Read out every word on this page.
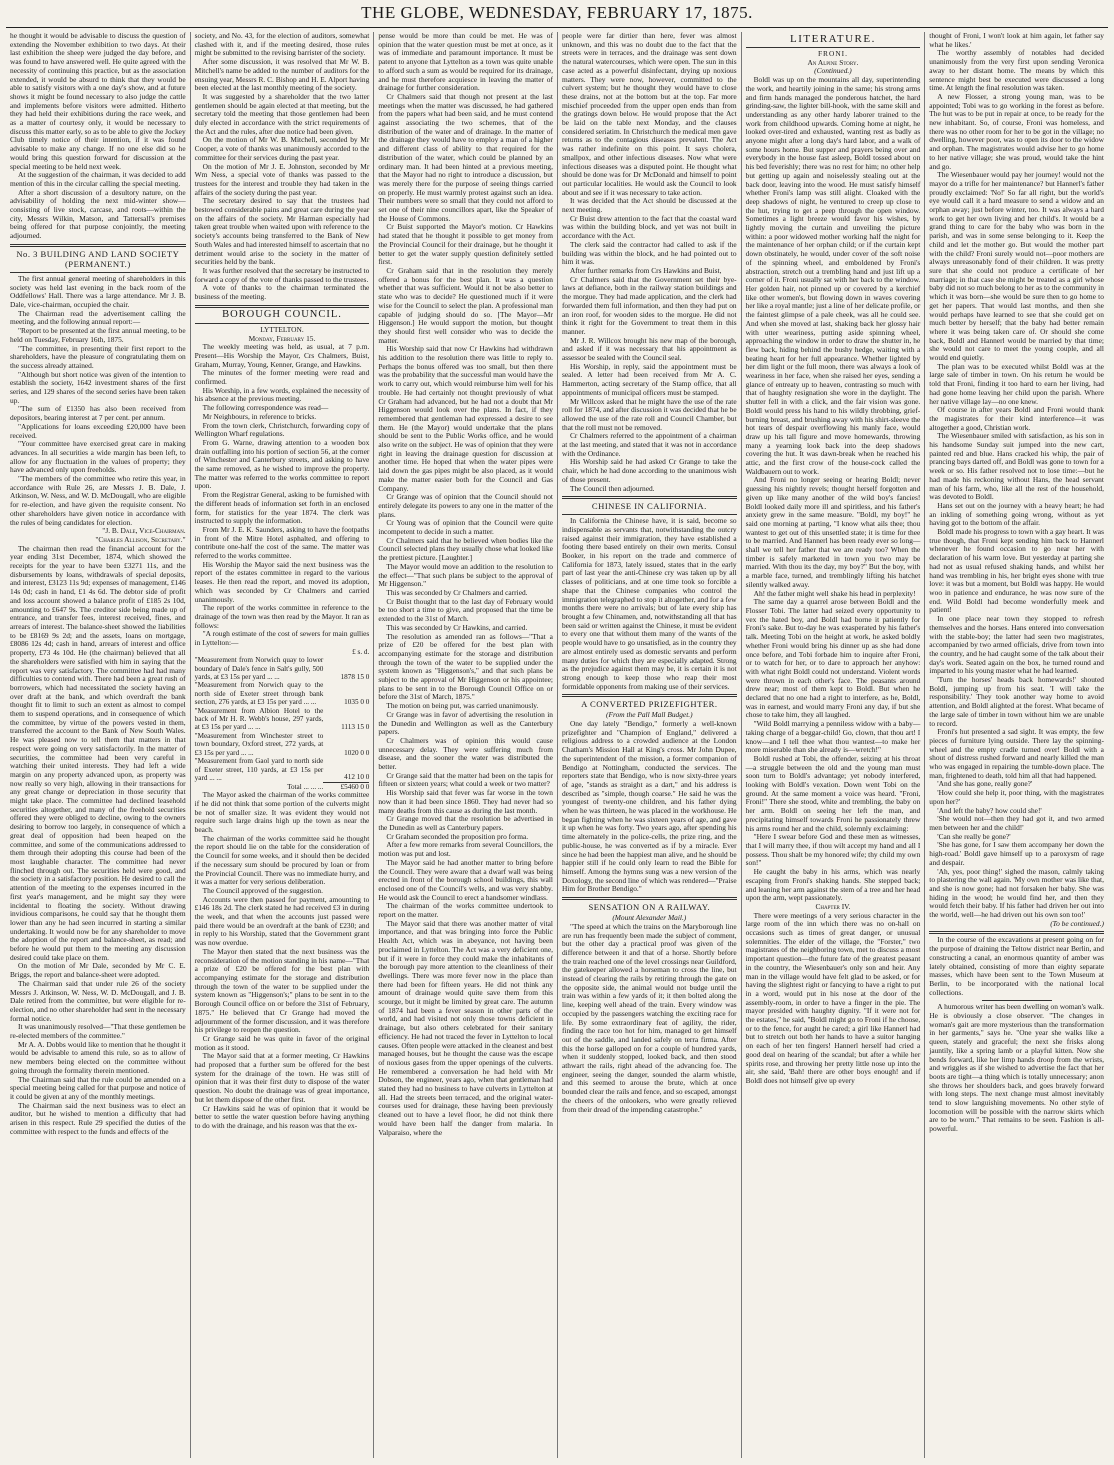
THE GLOBE, WEDNESDAY, FEBRUARY 17, 1875.

he thought it would be advisable to discuss the question of extending the November exhibition to two days. At their last exhibition the sheep were judged the day before, and was found to have answered well. He quite agreed with the necessity of continuing this practice, but as the association extended, it would be absurd to think that they would be able to satisfy visitors with a one day's show, and at future shows it might be found necessary to also judge the cattle and implements before visitors were admitted. Hitherto they had held their exhibitions during the race week, and as a matter of courtesy only, it would be necessary to discuss this matter early, so as to be able to give the Jockey Club timely notice of their intention, if it was found advisable to make any change. If no one else did so he would bring this question forward for discussion at the special meeting to be held next week.

At the suggestion of the chairman, it was decided to add mention of this in the circular calling the special meeting.

After a short discussion of a desultory nature, on the advisability of holding the next mid-winter show—consisting of live stock, carcase, and roots—within the city, Messrs Wilkin, Matson, and Tattersall's premises being offered for that purpose conjointly, the meeting adjourned.

No. 3 BUILDING AND LAND SOCIETY (PERMANENT.)

The first annual general meeting of shareholders in this society was held last evening in the back room of the Oddfellows' Hall. There was a large attendance. Mr J. B. Dale, vice-chairman, occupied the chair.

The Chairman read the advertisement calling the meeting, and the following annual report:—

"Report to be presented at the first annual meeting, to be held on Tuesday, February 16th, 1875.

"The committee, in presenting their first report to the shareholders, have the pleasure of congratulating them on the success already attained.

"Although but short notice was given of the intention to establish the society, 1642 investment shares of the first series, and 129 shares of the second series have been taken up.

"The sum of £1350 has also been received from depositors, bearing interest at 7 per cent. per annum.

"Applications for loans exceeding £20,000 have been received.

"Your committee have exercised great care in making advances. In all securities a wide margin has been left, to allow for any fluctuation in the values of property; they have advanced only upon freeholds.

"The members of the committee who retire this year, in accordance with Rule 26, are Messrs J. B. Dale, J. Atkinson, W. Ness, and W. D. McDougall, who are eligible for re-election, and have given the requisite consent. No other shareholders have given notice in accordance with the rules of being candidates for election.

"J. B. Dale, Vice-Chairman.
"Charles Allison, Secretary."

The chairman then read the financial account for the year ending 31st December, 1874, which showed the receipts for the year to have been £3271 11s, and the disbursements by loans, withdrawals of special deposits, and interest, £3123 11s 9d; expenses of management, £146 14s 0d; cash in hand, £1 4s 6d. The debtor side of profit and loss account showed a balance profit of £185 2s 10d, amounting to £647 9s. The creditor side being made up of entrance, and transfer fees, interest received, fines, and arrears of interest. The balance-sheet showed the liabilities to be £8169 9s 2d; and the assets, loans on mortgage, £8086 12s 4d; cash in hand, arrears of interest and office property, £73 4s 10d. He (the chairman) believed that all the shareholders were satisfied with him in saying that the report was very satisfactory. The committee had had many difficulties to contend with. There had been a great rush of borrowers, which had necessitated the society having an over draft at the bank, and which overdraft the bank thought fit to limit to such an extent as almost to compel them to suspend operations, and in consequence of which the committee, by virtue of the powers vested in them, transferred the account to the Bank of New South Wales. He was pleased now to tell them that matters in that respect were going on very satisfactorily. In the matter of securities, the committee had been very careful in watching their united interests. They had left a wide margin on any property advanced upon, as property was now really so very high, allowing in their transactions for any great change or depreciation in those security that might take place. The committee had declined leasehold securities altogether, and many of the freehold securities offered they were obliged to decline, owing to the owners desiring to borrow too largely, in consequence of which a great deal of opposition had been heaped on the committee, and some of the communications addressed to them through their adopting this course had been of the most laughable character. The committee had never flinched through out. The securities held were good, and the society in a satisfactory position. He desired to call the attention of the meeting to the expenses incurred in the first year's management, and he might say they were incidental to floating the society. Without drawing invidious comparisons, he could say that he thought them lower than any he had seen incurred in starting a similar undertaking. It would now be for any shareholder to move the adoption of the report and balance-sheet, as read; and before he would put them to the meeting any discussion desired could take place on them.

On the motion of Mr Dale, seconded by Mr C. E. Briggs, the report and balance-sheet were adopted.

The Chairman said that under rule 26 of the society Messrs J. Atkinson, W. Ness, W. D. McDougall, and J. B. Dale retired from the committee, but were eligible for re-election, and no other shareholder had sent in the necessary formal notice.

It was unanimously resolved—"That these gentlemen be re-elected members of the committee."

Mr A. A. Dobbs would like to mention that he thought it would be advisable to amend this rule, so as to allow of new members being elected on the committee without going through the formality therein mentioned.

The Chairman said that the rule could be amended on a special meeting being called for that purpose and notice of it could be given at any of the monthly meetings.

The Chairman said the next business was to elect an auditor, but he wished to mention a difficulty that had arisen in this respect. Rule 29 specified the duties of the committee with respect to the funds and effects of the

society, and No. 43, for the election of auditors, somewhat clashed with it, and if the meeting desired, those rules might be submitted to the revising barrister of the society.

After some discussion, it was resolved that Mr W. B. Mitchell's name be added to the number of auditors for the ensuing year, Messrs R. C. Bishop and H. E. Alport having been elected at the last monthly meeting of the society.

It was suggested by a shareholder that the two latter gentlemen should be again elected at that meeting, but the secretary told the meeting that those gentlemen had been duly elected in accordance with the strict requirements of the Act and the rules, after due notice had been given.

On the motion of Mr W. B. Mitchell, seconded by Mr Cooper, a vote of thanks was unanimously accorded to the committee for their services during the past year.

On the motion of Mr J. E. Johnston, seconded by Mr Wm Ness, a special vote of thanks was passed to the trustees for the interest and trouble they had taken in the affairs of the society during the past year.

The secretary desired to say that the trustees had bestowed considerable pains and great care during the year on the affairs of the society. Mr Harman especially had taken great trouble when waited upon with reference to the society's accounts being transferred to the Bank of New South Wales and had interested himself to ascertain that no detriment would arise to the society in the matter of securities held by the bank.

It was further resolved that the secretary be instructed to forward a copy of the vote of thanks passed to the trustees.

A vote of thanks to the chairman terminated the business of the meeting.

BOROUGH COUNCIL.
LYTTELTON.
Monday, February 15.

The weekly meeting was held, as usual, at 7 p.m. Present—His Worship the Mayor, Crs Chalmers, Buist, Graham, Murray, Young, Kenner, Grange, and Hawkins.

The minutes of the former meeting were read and confirmed.

His Worship, in a few words, explained the necessity of his absence at the previous meeting.

The following correspondence was read—

Mr Neighbours, in reference to bricks.

From the town clerk, Christchurch, forwarding copy of Wellington Wharf regulations.

From G. Warne, drawing attention to a wooden box drain outfalling into his portion of section 56, at the corner of Winchester and Canterbury streets, and asking to have the same removed, as he wished to improve the property. The matter was referred to the works committee to report upon.

From the Registrar General, asking to be furnished with the different heads of information set forth in an enclosed form, for statistics for the year 1874. The clerk was instructed to supply the information.

From Mr J. E. K. Saunders, asking to have the footpaths in front of the Mitre Hotel asphalted, and offering to contribute one-half the cost of the same. The matter was referred to the works committee.

His Worship the Mayor said the next business was the report of the estates committee in regard to the various leases. He then read the report, and moved its adoption, which was seconded by Cr Chalmers and carried unanimously.

The report of the works committee in reference to the drainage of the town was then read by the Mayor. It ran as follows:

"A rough estimate of the cost of sewers for main gullies in Lyttelton:—

	£ s. d.
"Measurement from Norwich quay to lower boundary of Dale's fence in Salt's gully, 500 yards, at £3 15s per yard ... ...	1878 15 0
"Measurement from Norwich quay to the north side of Exeter street through bank section, 276 yards, at £3 15s per yard ... ...	1035 0 0
"Measurement from Albion Hotel to the back of Mr H. R. Webb's house, 297 yards, at £3 15s per yard ... ...	1113 15 0
"Measurement from Winchester street to town boundary, Oxford street, 272 yards, at £3 15s per yard ... ...	1020 0 0
"Measurement from Gaol yard to north side of Exeter street, 110 yards, at £3 15s per yard ... ...	412 10 0
Total ... ... ...	£5460 0 0

The Mayor asked the chairman of the works committee if he did not think that some portion of the culverts might be not of smaller size. It was evident they would not require such large drains high up the town as near the beach.

The chairman of the works committee said he thought the report should lie on the table for the consideration of the Council for some weeks, and it should then be decided if the necessary sum should be procured by loan or from the Provincial Council. There was no immediate hurry, and it was a matter for very serious deliberation.

The Council approved of the suggestion.

Accounts were then passed for payment, amounting to £146 18s 2d. The clerk stated he had received £3 in during the week, and that when the accounts just passed were paid there would be an overdraft at the bank of £230; and in reply to his Worship, stated that the Government grant was now overdue.

The Mayor then stated that the next business was the reconsideration of the motion standing in his name—"That a prize of £20 be offered for the best plan with accompanying estimate for the storage and distribution through the town of the water to be supplied under the system known as "Higgenson's;" plans to be sent in to the Borough Council office on or before the 31st of February, 1875." He believed that Cr Grange had moved the adjournment of the former discussion, and it was therefore his privilege to reopen the question.

Cr Grange said he was quite in favor of the original motion as it stood.

The Mayor said that at a former meeting, Cr Hawkins had proposed that a further sum be offered for the best system for the drainage of the town. He was still of opinion that it was their first duty to dispose of the water question. No doubt the drainage was of great importance, but let them dispose of the other first.

Cr Hawkins said he was of opinion that it would be better to settle the water question before having anything to do with the drainage, and his reason was that the ex-

pense would be more than could be met. He was of opinion that the water question must be met at once, as it was of immediate and paramount importance. It must be patent to anyone that Lyttelton as a town was quite unable to afford such a sum as would be required for its drainage, and he must therefore acquiesce in leaving the matter of drainage for further consideration.

Cr Chalmers said that though not present at the last meetings when the matter was discussed, he had gathered from the papers what had been said, and he must contend against associating the two schemes, that of the distribution of the water and of drainage. In the matter of the drainage they would have to employ a man of a higher and different class of ability to that required for the distribution of the water, which could be planned by an ordinary man. It had been hinted at a previous meeting, that the Mayor had no right to introduce a discussion, but was merely there for the purpose of seeing things carried on properly. He must warmly protest against such an idea. Their numbers were so small that they could not afford to set one of their nine councillors apart, like the Speaker of the House of Commons.

Cr Buist supported the Mayor's motion. Cr Hawkins had stated that he thought it possible to get money from the Provincial Council for their drainage, but he thought it better to get the water supply question definitely settled first.

Cr Graham said that in the resolution they merely offered a bonus for the best plan. It was a question whether that was sufficient. Would it not be also better to state who was to decide? He questioned much if it were wise for the Council to select the plan. A professional man capable of judging should do so. [The Mayor—Mr Higgenson.] He would support the motion, but thought they should first well consider who was to decide the matter.

His Worship said that now Cr Hawkins had withdrawn his addition to the resolution there was little to reply to. Perhaps the bonus offered was too small, but then there was the probability that the successful man would have the work to carry out, which would reimburse him well for his trouble. He had certainly not thought previously of what Cr Graham had advanced, but he had not a doubt that Mr Higgenson would look over the plans. In fact, if they remembered that gentleman had expressed a desire to see them. He (the Mayor) would undertake that the plans should be sent to the Public Works office, and he would also write on the subject. He was of opinion that they were right in leaving the drainage question for discussion at another time. He hoped that when the water pipes were laid down the gas pipes might be also placed, as it would make the matter easier both for the Council and Gas Company.

Cr Grange was of opinion that the Council should not entirely delegate its powers to any one in the matter of the plans.

Cr Young was of opinion that the Council were quite incompetent to decide in such a matter.

Cr Chalmers said that he believed when bodies like the Council selected plans they usually chose what looked like the prettiest picture. [Laughter.]

The Mayor would move an addition to the resolution to the effect—"That such plans be subject to the approval of Mr Higgenson."

This was seconded by Cr Chalmers and carried.

Cr Buist thought that to the last day of February would be too short a time to give, and proposed that the time be extended to the 31st of March.

This was seconded by Cr Hawkins, and carried.

The resolution as amended ran as follows—"That a prize of £20 be offered for the best plan with accompanying estimate for the storage and distribution through the town of the water to be supplied under the system known as "Higgenson's," and that such plans be subject to the approval of Mr Higgenson or his appointee; plans to be sent in to the Borough Council Office on or before the 31st of March, 1875."

The motion on being put, was carried unanimously.

Cr Grange was in favor of advertising the resolution in the Dunedin and Wellington as well as the Canterbury papers.

Cr Chalmers was of opinion this would cause unnecessary delay. They were suffering much from disease, and the sooner the water was distributed the better.

Cr Grange said that the matter had been on the tapis for fifteen or sixteen years; what could a week or two matter?

His Worship said that fever was far worse in the town now than it had been since 1860. They had never had so many deaths from this cause as during the last month.

Cr Grange moved that the resolution be advertised in the Dunedin as well as Canterbury papers.

Cr Graham seconded the proposition pro forma.

After a few more remarks from several Councillors, the motion was put and lost.

The Mayor said he had another matter to bring before the Council. They were aware that a dwarf wall was being erected in front of the borough school buildings, this wall enclosed one of the Council's wells, and was very shabby. He would ask the Council to erect a handsomer windlass.

The chairman of the works committee undertook to report on the matter.

The Mayor said that there was another matter of vital importance, and that was bringing into force the Public Health Act, which was in abeyance, not having been proclaimed in Lyttelton. The Act was a very deficient one, but if it were in force they could make the inhabitants of the borough pay more attention to the cleanliness of their dwellings. There was more fever now in the place than there had been for fifteen years. He did not think any amount of drainage would quite save them from this scourge, but it might be limited by great care. The autumn of 1874 had been a fever season in other parts of the world, and had visited not only those towns deficient in drainage, but also others celebrated for their sanitary efficiency. He had not traced the fever in Lyttelton to local causes. Often people were attacked in the cleanest and best managed houses, but he thought the cause was the escape of noxious gases from the upper openings of the culverts. He remembered a conversation he had held with Mr Dobson, the engineer, years ago, when that gentleman had stated they had no business to have culverts in Lyttelton at all. Had the streets been terraced, and the original water-courses used for drainage, these having been previously cleaned out to have a level floor, he did not think there would have been half the danger from malaria. In Valparaiso, where the

people were far dirtier than here, fever was almost unknown, and this was no doubt due to the fact that the streets were in terraces, and the drainage was sent down the natural watercourses, which were open. The sun in this case acted as a powerful disinfectant, drying up noxious matters. They were now, however, committed to the culvert system; but he thought they would have to close these drains, not at the bottom but at the top. Far more mischief proceeded from the upper open ends than from the gratings down below. He would propose that the Act be laid on the table next Monday, and the clauses considered seriatim. In Christchurch the medical men gave returns as to the contagious diseases prevalent. The Act was rather indefinite on this point. It says cholera, smallpox, and other infectious diseases. Now what were infectious diseases was a disputed point. He thought what should be done was for Dr McDonald and himself to point out particular localities. He would ask the Council to look about and see if it was necessary to take action.

It was decided that the Act should be discussed at the next meeting.

Cr Buist drew attention to the fact that the coastal ward was within the building block, and yet was not built in accordance with the Act.

The clerk said the contractor had called to ask if the building was within the block, and he had pointed out to him it was.

After further remarks from Crs Hawkins and Buist,

Cr Chalmers said that the Government set their bye-laws at defiance, both in the railway station buildings and the morgue. They had made application, and the clerk had forwarded them full information, and then they had put on an iron roof, for wooden sides to the morgue. He did not think it right for the Government to treat them in this manner.

Mr J. R. Willcox brought his new map of the borough, and asked if it was necessary that his appointment as assessor be sealed with the Council seal.

His Worship, in reply, said the appointment must be sealed. A letter had been received from Mr A. C. Hammerton, acting secretary of the Stamp office, that all appointments of municipal officers must be stamped.

Mr Willcox asked that he might have the use of the rate roll for 1874, and after discussion it was decided that he be allowed the use of the rate roll and Council Chamber, but that the roll must not be removed.

Cr Chalmers referred to the appointment of a chairman at the last meeting, and stated that it was not in accordance with the Ordinance.

His Worship said he had asked Cr Grange to take the chair, which he had done according to the unanimous wish of those present.

The Council then adjourned.

CHINESE IN CALIFORNIA.

In California the Chinese have, it is said, become so indispensable as servants that, notwithstanding the outcry raised against their immigration, they have established a footing there based entirely on their own merits. Consul Booker, in his report on the trade and commerce of California for 1873, lately issued, states that in the early part of last year the anti-Chinese cry was taken up by all classes of politicians, and at one time took so forcible a shape that the Chinese companies who control the immigration telegraphed to stop it altogether, and for a few months there were no arrivals; but of late every ship has brought a few Chinamen, and, notwithstanding all that has been said or written against the Chinese, it must be evident to every one that without them many of the wants of the people would have to go unsatisfied, as in the country they are almost entirely used as domestic servants and perform many duties for which they are especially adapted. Strong as the prejudice against them may be, it is certain it is not strong enough to keep those who reap their most formidable opponents from making use of their services.

A CONVERTED PRIZEFIGHTER.
(From the Pall Mall Budget.)

One day lately "Bendigo," formerly a well-known prizefighter and "Champion of England," delivered a religious address to a crowded audience at the London Chatham's Mission Hall at King's cross. Mr John Dupee, the superintendent of the mission, a former companion of Bendigo at Nottingham, conducted the services. The reporters state that Bendigo, who is now sixty-three years of age, "stands as straight as a dart," and his address is described as "simple, though coarse." He said he was the youngest of twenty-one children, and his father dying when he was thirteen, he was placed in the workhouse. He began fighting when he was sixteen years of age, and gave it up when he was forty. Two years ago, after spending his time alternately in the police-cells, the prize ring, and the public-house, he was converted as if by a miracle. Ever since he had been the happiest man alive, and he should be happier still if he could only learn to read the Bible for himself. Among the hymns sung was a new version of the Doxology, the second line of which was rendered—"Praise Him for Brother Bendigo."

SENSATION ON A RAILWAY.
(Mount Alexander Mail.)

"The speed at which the trains on the Maryborough line are run has frequently been made the subject of comment, but the other day a practical proof was given of the difference between it and that of a horse. Shortly before the train reached one of the level crossings near Guildford, the gatekeeper allowed a horseman to cross the line, but instead of clearing the rails by retiring through the gate on the opposite side, the animal would not budge until the train was within a few yards of it; it then bolted along the line, keeping well ahead of the train. Every window was occupied by the passengers watching the exciting race for life. By some extraordinary feat of agility, the rider, finding the race too hot for him, managed to get himself out of the saddle, and landed safely on terra firma. After this the horse galloped on for a couple of hundred yards, when it suddenly stopped, looked back, and then stood athwart the rails, right ahead of the advancing foe. The engineer, seeing the danger, sounded the alarm whistle, and this seemed to arouse the brute, which at once bounded clear the rails and fence, and so escaped, amongst the cheers of the onlookers, who were greatly relieved from their dread of the impending catastrophe."

LITERATURE.
FRONI.
An Alpine Story.
(Continued.)

Boldl was up on the mountains all day, superintending the work, and heartily joining in the same; his strong arms and firm hands managed the ponderous hatchet, the hard grinding-saw, the lighter bill-hook, with the same skill and understanding as any other hardy laborer trained to the work from childhood upwards. Coming home at night, he looked over-tired and exhausted, wanting rest as badly as anyone might after a long day's hard labor, and a walk of some hours home. But supper and prayers being over and everybody in the house fast asleep, Boldl tossed about on his bed feverishly; there was no rest for him; no other help but getting up again and noiselessly stealing out at the back door, leaving into the wood. He must satisfy himself whether Froni's lamp was still alight. Cloaked with the deep shadows of night, he ventured to creep up close to the hut, trying to get a peep through the open window. Sometimes a light breeze would favor his wishes, by lightly moving the curtain and unveiling the picture within: a poor widowed mother working half the night for the maintenance of her orphan child; or if the curtain kept down obstinately, he would, under cover of the soft noise of the spinning wheel, and emboldened by Froni's abstraction, stretch out a trembling hand and just lift up a corner of it. Froni usually sat with her back to the window. Her golden hair, not pinned up or covered by a kerchief like other women's, but flowing down in waves covering her like a royal mantle; just a line of her delicate profile, or the faintest glimpse of a pale cheek, was all he could see. And when she moved at last, shaking back her glossy hair with utter weariness, putting aside spinning wheel, approaching the window in order to draw the shutter in, he flew back, hiding behind the bushy hedge, waiting with a beating heart for her full appearance. Whether lighted by her dim light or the full moon, there was always a look of weariness in her face, when she raised her eyes, sending a glance of entreaty up to heaven, contrasting so much with that of haughty resignation she wore in the daylight. The shutter fell in with a click, and the fair vision was gone. Boldl would press his hand to his wildly throbbing, grief-burning breast, and brushing away with his shirt-sleeve the hot tears of despair overflowing his manly face, would draw up his tall figure and move homewards, throwing many a yearning look back into the deep shadows covering the hut. It was dawn-break when he reached his attic, and the first crow of the house-cock called the Waldbauern out to work.

And Froni no longer seeing or hearing Boldl; never guessing his nightly revels; thought herself forgotten and given up like many another of the wild boy's fancies! Boldl looked daily more ill and spiritless, and his father's anxiety grew in the same measure. "Boldl, my boy!" he said one morning at parting, "I know what ails thee; thou wantest to get out of this unsettled state; it is time for thee to be married. And Hannerl has been ready ever so long—shall we tell her father that we are ready too? When the timber is safely marketed in town you two may be married. With thou its the day, my boy?" But the boy, with a marble face, turned, and tremblingly lifting his hatchet silently walked away.

Ah! the father might well shake his head in perplexity!

The same day a quarrel arose between Boldl and the Flosser Tobi. The latter had seized every opportunity to vex the hated boy, and Boldl had borne it patiently for Froni's sake. But to-day he was exasperated by his father's talk. Meeting Tobi on the height at work, he asked boldly whether Froni would bring his dinner up as she had done once before, and Tobi forbade him to inquire after Froni, or to watch for her, or to dare to approach her anyhow: with what right Boldl could not understand. Violent words were thrown in each other's face. The peasants around drew near; most of them kept to Boldl. But when he declared that no one had a right to interfere, as he, Boldl, was in earnest, and would marry Froni any day, if but she chose to take him, they all laughed.

"Wild Boldl marrying a penniless widow with a baby—taking charge of a beggar-child! Go, clown, that thou art! I know—and I tell thee what thou wantest—to make her more miserable than she already is—wretch!"

Boldl rushed at Tobi, the offender, seizing at his throat—a struggle between the old and the young man must soon turn to Boldl's advantage; yet nobody interfered, looking with Boldl's vexation. Down went Tobi on the ground. At the same moment a voice was heard. "Froni, Froni!" There she stood, white and trembling, the baby on her arm. Boldl on seeing her left the man, and precipitating himself towards Froni he passionately threw his arms round her and the child, solemnly exclaiming:

"Here I swear before God and these men as witnesses, that I will marry thee, if thou wilt accept my hand and all I possess. Thou shalt be my honored wife; thy child my own son!"

He caught the baby in his arms, which was nearly escaping from Froni's shaking hands. She stepped back; and leaning her arm against the stem of a tree and her head upon the arm, wept passionately.

Chapter IV.

There were meetings of a very serious character in the large room of the inn which there was no on-hall on occasions such as times of great danger, or unusual solemnities. The elder of the village, the "Forster," two magistrates of the neighboring town, met to discuss a most important question—the future fate of the greatest peasant in the country, the Wiesenbauer's only son and heir. Any man in the village would have felt glad to be asked, or for having the slightest right or fancying to have a right to put in a word, would put in his nose at the door of the assembly-room, in order to have a finger in the pie. The mayor presided with haughty dignity. "If it were not for the estates," he said, "Boldl might go to Froni if he choose, or to the fence, for aught he cared; a girl like Hannerl had but to stretch out both her hands to have a suitor hanging on each of her ten fingers! Hannerl herself had cried a good deal on hearing of the scandal; but after a while her spirits rose, and throwing her pretty little nose up into the air, she said, 'Bah! there are other boys enough! and if Boldl does not himself give up every

thought of Froni, I won't look at him again, let father say what he likes.'

The worthy assembly of notables had decided unanimously from the very first upon sending Veronica away to her distant home. The means by which this sentence might best be executed were discussed a long time. At length the final resolution was taken.

A new Flosser, a strong young man, was to be appointed; Tobi was to go working in the forest as before. The hut was to be put in repair at once, to be ready for the new inhabitant. So, of course, Froni was homeless, and there was no other room for her to be got in the village; no dwelling, however poor, was to open its door to the widow and orphan. The magistrates would advise her to go home to her native village; she was proud, would take the hint and go.

The Wiesenbauer would pay her journey! would not the mayor do a trifle for her maintenance? but Hannerl's father proudly exclaimed: 'No!' So far all right, but the world's eye would call it a hard measure to send a widow and an orphan away; just before winter, too. It was always a hard work to get her own living and her child's. It would be a grand thing to care for the baby who was born in the parish, and was in some sense belonging to it. Keep the child and let the mother go. But would the mother part with the child? Froni surely would not—poor mothers are always unreasonably fond of their children. It was pretty sure that she could not produce a certificate of her marriage; in that case she might be treated as a girl whose baby did not so much belong to her as to the community in which it was born—she would be sure then to go home to get her papers. That would last months, and then she would perhaps have learned to see that she could get on much better by herself; that the baby had better remain where it was being taken care of. Or should she come back, Boldl and Hannerl would be married by that time; she would not care to meet the young couple, and all would end quietly.

The plan was to be executed whilst Boldl was at the large sale of timber in town. On his return he would be told that Froni, finding it too hard to earn her living, had had gone home leaving her child upon the parish. Where her native village lay—no one knew.

Of course in after years Boldl and Froni would thank the magistrates for their kind interference—it was altogether a good, Christian work.

The Wiesenbauer smiled with satisfaction, as his son in his handsome Sunday suit jumped into the new cart, painted red and blue. Hans cracked his whip, the pair of prancing bays darted off, and Boldl was gone to town for a week or so. His father resolved not to lose time:—but he had made his reckoning without Hans, the head servant man of his farm, who, like all the rest of the household, was devoted to Boldl.

Hans set out on the journey with a heavy heart; he had an inkling of something going wrong, without as yet having got to the bottom of the affair.

Boldl made his progress to town with a gay heart. It was true though, that Froni kept sending him back to Hannerl whenever he found occasion to go near her with declaration of his warm love. But yesterday at parting she had not as usual refused shaking hands, and whilst her hand was trembling in his, her bright eyes shone with true love: it was but a moment, but Boldl was happy. He would woo in patience and endurance, he was now sure of the end. Wild Boldl had become wonderfully meek and patient!

In one place near town they stopped to refresh themselves and the horses. Hans entered into conversation with the stable-boy; the latter had seen two magistrates, accompanied by two armed officials, drive from town into the country, and he had caught some of the talk about their day's work. Seated again on the box, he turned round and imparted to his young master what he had learned.

'Turn the horses' heads back homewards!' shouted Boldl, jumping up from his seat. 'I will take the responsibility.' They took another way home to avoid attention, and Boldl alighted at the forest. What became of the large sale of timber in town without him we are unable to record.

Froni's hut presented a sad sight. It was empty, the few pieces of furniture lying outside. There lay the spinning-wheel and the empty cradle turned over! Boldl with a shout of distress rushed forward and nearly killed the man who was engaged in repairing the tumble-down place. The man, frightened to death, told him all that had happened.

'And she has gone, really gone?'

'How could she help it, poor thing, with the magistrates upon her?'

'And left the baby? how could she!'

'She would not—then they had got it, and two armed men between her and the child!'

'Can she really be gone?'

'She has gone, for I saw them accompany her down the high-road.' Boldl gave himself up to a paroxysm of rage and despair.

'Ah, yes, poor thing!' sighed the mason, calmly taking to plastering the wall again. 'My own mother was like that, and she is now gone; had not forsaken her baby. She was hiding in the wood; he would find her, and then they would fetch their baby. If his father had driven her out into the world, well—he had driven out his own son too!'

(To be continued.)

In the course of the excavations at present going on for the purpose of draining the Teltow district near Berlin, and constructing a canal, an enormous quantity of amber was lately obtained, consisting of more than eighty separate masses, which have been sent to the Town Museum at Berlin, to be incorporated with the national local collections.

A humorous writer has been dwelling on woman's walk. He is obviously a close observer. "The changes in woman's gait are more mysterious than the transformation in her garments," says he. "One year she walks like a queen, stately and graceful; the next she frisks along jauntily, like a spring lamb or a playful kitten. Now she bends forward, like her limp hands droop from the wrists, and wriggles as if she wished to advertise the fact that her boots are tight—a thing which is totally unnecessary; anon she throws her shoulders back, and goes bravely forward with long steps. The next change must almost inevitably tend to slow languishing movements. No other style of locomotion will be possible with the narrow skirts which are to be worn." That remains to be seen. Fashion is all-powerful.
